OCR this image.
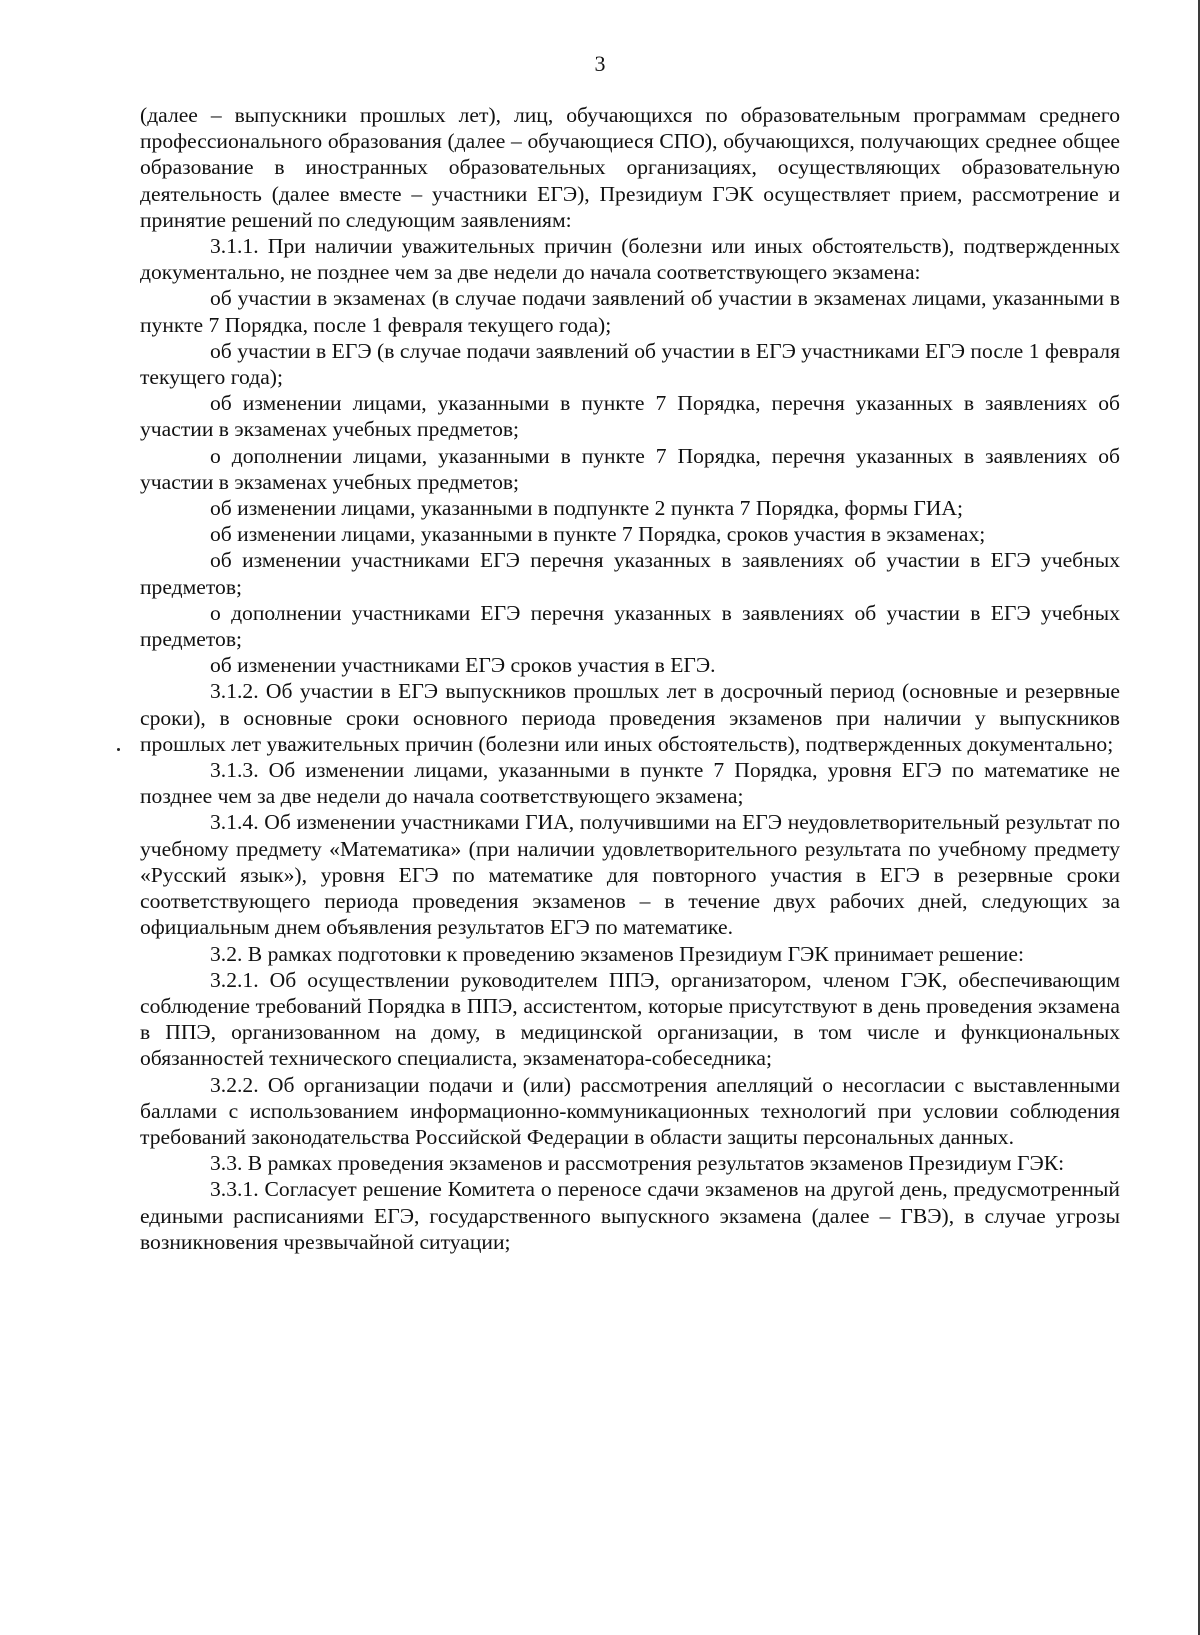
3

(далее – выпускники прошлых лет), лиц, обучающихся по образовательным программам среднего профессионального образования (далее – обучающиеся СПО), обучающихся, получающих среднее общее образование в иностранных образовательных организациях, осуществляющих образовательную деятельность (далее вместе – участники ЕГЭ), Президиум ГЭК осуществляет прием, рассмотрение и принятие решений по следующим заявлениям:

3.1.1. При наличии уважительных причин (болезни или иных обстоятельств), подтвержденных документально, не позднее чем за две недели до начала соответствующего экзамена:

об участии в экзаменах (в случае подачи заявлений об участии в экзаменах лицами, указанными в пункте 7 Порядка, после 1 февраля текущего года);

об участии в ЕГЭ (в случае подачи заявлений об участии в ЕГЭ участниками ЕГЭ после 1 февраля текущего года);

об изменении лицами, указанными в пункте 7 Порядка, перечня указанных в заявлениях об участии в экзаменах учебных предметов;

о дополнении лицами, указанными в пункте 7 Порядка, перечня указанных в заявлениях об участии в экзаменах учебных предметов;

об изменении лицами, указанными в подпункте 2 пункта 7 Порядка, формы ГИА;

об изменении лицами, указанными в пункте 7 Порядка, сроков участия в экзаменах;

об изменении участниками ЕГЭ перечня указанных в заявлениях об участии в ЕГЭ учебных предметов;

о дополнении участниками ЕГЭ перечня указанных в заявлениях об участии в ЕГЭ учебных предметов;

об изменении участниками ЕГЭ сроков участия в ЕГЭ.

3.1.2. Об участии в ЕГЭ выпускников прошлых лет в досрочный период (основные и резервные сроки), в основные сроки основного периода проведения экзаменов при наличии у выпускников прошлых лет уважительных причин (болезни или иных обстоятельств), подтвержденных документально;

3.1.3. Об изменении лицами, указанными в пункте 7 Порядка, уровня ЕГЭ по математике не позднее чем за две недели до начала соответствующего экзамена;

3.1.4. Об изменении участниками ГИА, получившими на ЕГЭ неудовлетворительный результат по учебному предмету «Математика» (при наличии удовлетворительного результата по учебному предмету «Русский язык»), уровня ЕГЭ по математике для повторного участия в ЕГЭ в резервные сроки соответствующего периода проведения экзаменов – в течение двух рабочих дней, следующих за официальным днем объявления результатов ЕГЭ по математике.

3.2. В рамках подготовки к проведению экзаменов Президиум ГЭК принимает решение:

3.2.1. Об осуществлении руководителем ППЭ, организатором, членом ГЭК, обеспечивающим соблюдение требований Порядка в ППЭ, ассистентом, которые присутствуют в день проведения экзамена в ППЭ, организованном на дому, в медицинской организации, в том числе и функциональных обязанностей технического специалиста, экзаменатора-собеседника;

3.2.2. Об организации подачи и (или) рассмотрения апелляций о несогласии с выставленными баллами с использованием информационно-коммуникационных технологий при условии соблюдения требований законодательства Российской Федерации в области защиты персональных данных.

3.3. В рамках проведения экзаменов и рассмотрения результатов экзаменов Президиум ГЭК:

3.3.1. Согласует решение Комитета о переносе сдачи экзаменов на другой день, предусмотренный едиными расписаниями ЕГЭ, государственного выпускного экзамена (далее – ГВЭ), в случае угрозы возникновения чрезвычайной ситуации;
